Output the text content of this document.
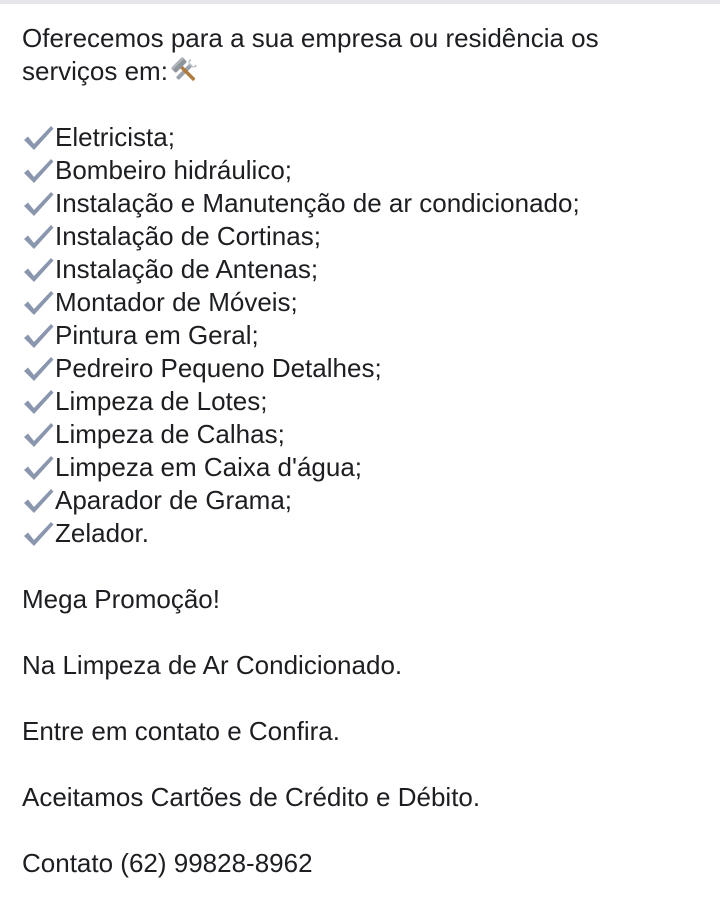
Oferecemos para a sua empresa ou residência os
serviços em:
Eletricista;
Bombeiro hidráulico;
Instalação e Manutenção de ar condicionado;
Instalação de Cortinas;
Instalação de Antenas;
Montador de Móveis;
Pintura em Geral;
Pedreiro Pequeno Detalhes;
Limpeza de Lotes;
Limpeza de Calhas;
Limpeza em Caixa d'água;
Aparador de Grama;
Zelador.
Mega Promoção!
Na Limpeza de Ar Condicionado.
Entre em contato e Confira.
Aceitamos Cartões de Crédito e Débito.
Contato (62) 99828-8962
